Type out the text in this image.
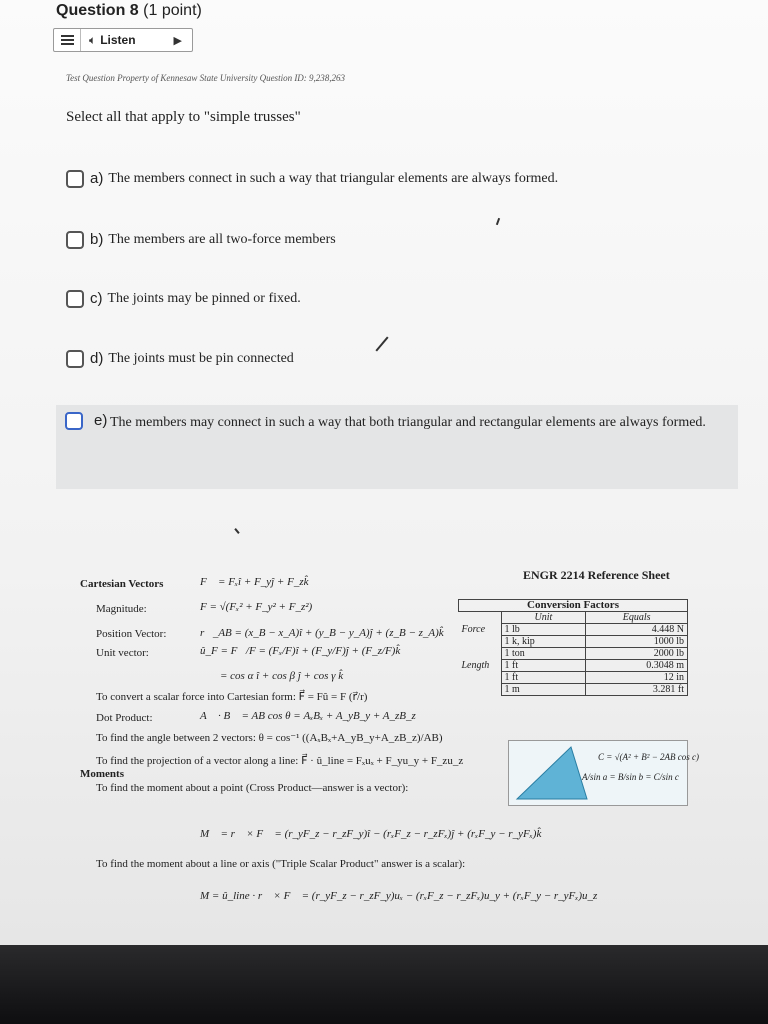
Question 8 (1 point)
🔈︎ Listen	▶
Test Question Property of Kennesaw State University Question ID: 9,238,263
Select all that apply to "simple trusses"
a) The members connect in such a way that triangular elements are always formed.
b) The members are all two-force members
c) The joints may be pinned or fixed.
d) The joints must be pin connected
e) The members may connect in such a way that both triangular and rectangular elements are always formed.
ENGR 2214 Reference Sheet
Cartesian Vectors	F⃗ = Fₓî + F_yĵ + F_zk̂
Magnitude:	F = √(Fₓ² + F_y² + F_z²)
Position Vector:	r⃗_AB = (x_B − x_A)î + (y_B − y_A)ĵ + (z_B − z_A)k̂
Unit vector:	û_F = F⃗/F = (Fₓ/F)î + (F_y/F)ĵ + (F_z/F)k̂
= cos α î + cos β ĵ + cos γ k̂
To convert a scalar force into Cartesian form: F⃗ = Fû = F (r⃗/r)
Dot Product:	A⃗ · B⃗ = AB cos θ = AₓBₓ + A_yB_y + A_zB_z
To find the angle between 2 vectors: θ = cos⁻¹ ((AₓBₓ+A_yB_y+A_zB_z)/AB)
To find the projection of a vector along a line: F⃗ · û_line = Fₓuₓ + F_yu_y + F_zu_z
Moments
To find the moment about a point (Cross Product—answer is a vector):
M⃗ = r⃗ × F⃗ = (r_yF_z − r_zF_y)î − (rₓF_z − r_zFₓ)ĵ + (rₓF_y − r_yFₓ)k̂
To find the moment about a line or axis ("Triple Scalar Product" answer is a scalar):
M = û_line · r⃗ × F⃗ = (r_yF_z − r_zF_y)uₓ − (rₓF_z − r_zFₓ)u_y + (rₓF_y − r_yFₓ)u_z
Conversion Factors		
	Unit	Equals
Force	1 lb	4.448 N
	1 k, kip	1000 lb
	1 ton	2000 lb
Length	1 ft	0.3048 m
	1 ft	12 in
	1 m	3.281 ft
C = √(A² + B² − 2AB cos c)
A/sin a = B/sin b = C/sin c
